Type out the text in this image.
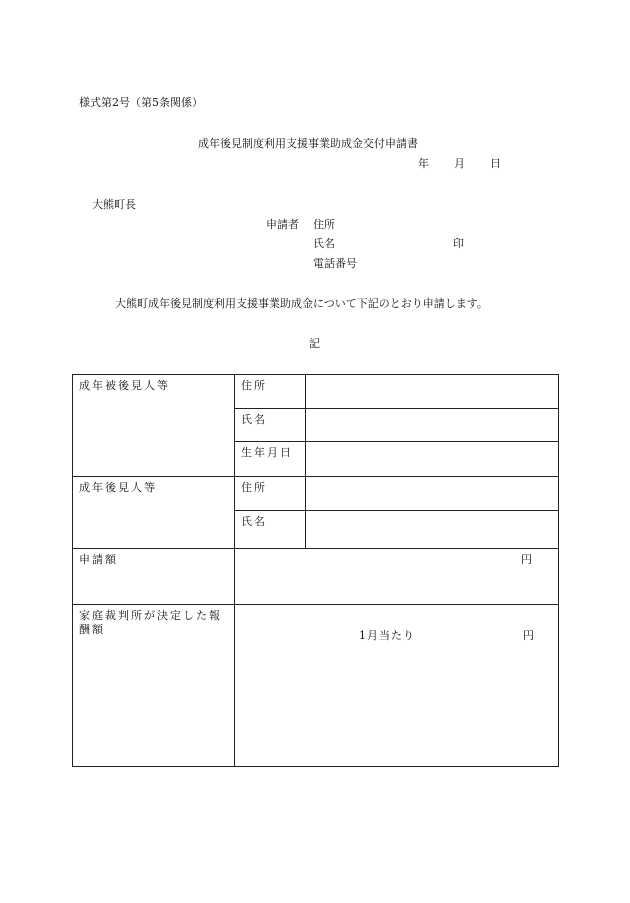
様式第2号（第5条関係）
成年後見制度利用支援事業助成金交付申請書
年 月 日
大熊町長
申請者 住所
氏名	印
電話番号
大熊町成年後見制度利用支援事業助成金について下記のとおり申請します。
記
成年被後見人等	住所	

	氏名	

	生年月日	

成年後見人等	住所	

	氏名	

申請額	円	

家庭裁判所が決定した報酬額	1月当たり 円	
